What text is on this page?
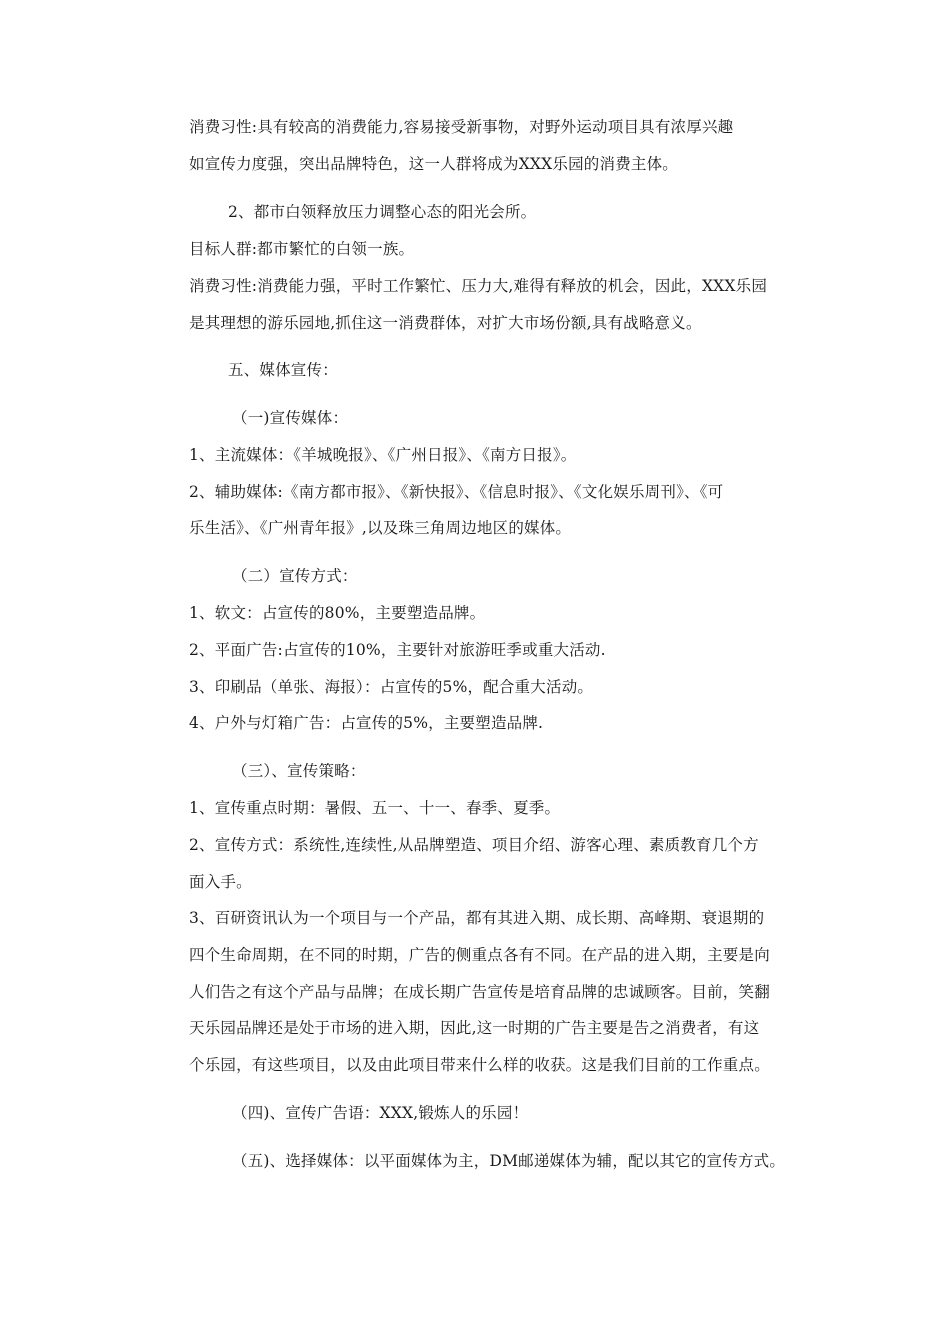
消费习性:具有较高的消费能力,容易接受新事物，对野外运动项目具有浓厚兴趣
如宣传力度强，突出品牌特色，这一人群将成为XXX乐园的消费主体。
2、都市白领释放压力调整心态的阳光会所。
目标人群:都市繁忙的白领一族。
消费习性:消费能力强，平时工作繁忙、压力大,难得有释放的机会，因此，XXX乐园
是其理想的游乐园地,抓住这一消费群体，对扩大市场份额,具有战略意义。
五、媒体宣传：
（一)宣传媒体：
1、主流媒体：《羊城晚报》、《广州日报》、《南方日报》。
2、辅助媒体:《南方都市报》、《新快报》、《信息时报》、《文化娱乐周刊》、《可
乐生活》、《广州青年报》,以及珠三角周边地区的媒体。
（二）宣传方式：
1、软文：占宣传的80%，主要塑造品牌。
2、平面广告:占宣传的10%，主要针对旅游旺季或重大活动.
3、印刷品（单张、海报）：占宣传的5%，配合重大活动。
4、户外与灯箱广告：占宣传的5%，主要塑造品牌.
（三）、宣传策略：
1、宣传重点时期：暑假、五一、十一、春季、夏季。
2、宣传方式：系统性,连续性,从品牌塑造、项目介绍、游客心理、素质教育几个方
面入手。
3、百研资讯认为一个项目与一个产品，都有其进入期、成长期、高峰期、衰退期的
四个生命周期，在不同的时期，广告的侧重点各有不同。在产品的进入期，主要是向
人们告之有这个产品与品牌；在成长期广告宣传是培育品牌的忠诚顾客。目前，笑翻
天乐园品牌还是处于市场的进入期，因此,这一时期的广告主要是告之消费者，有这
个乐园，有这些项目，以及由此项目带来什么样的收获。这是我们目前的工作重点。
（四)、宣传广告语：XXX,锻炼人的乐园！
（五)、选择媒体：以平面媒体为主，DM邮递媒体为辅，配以其它的宣传方式。
